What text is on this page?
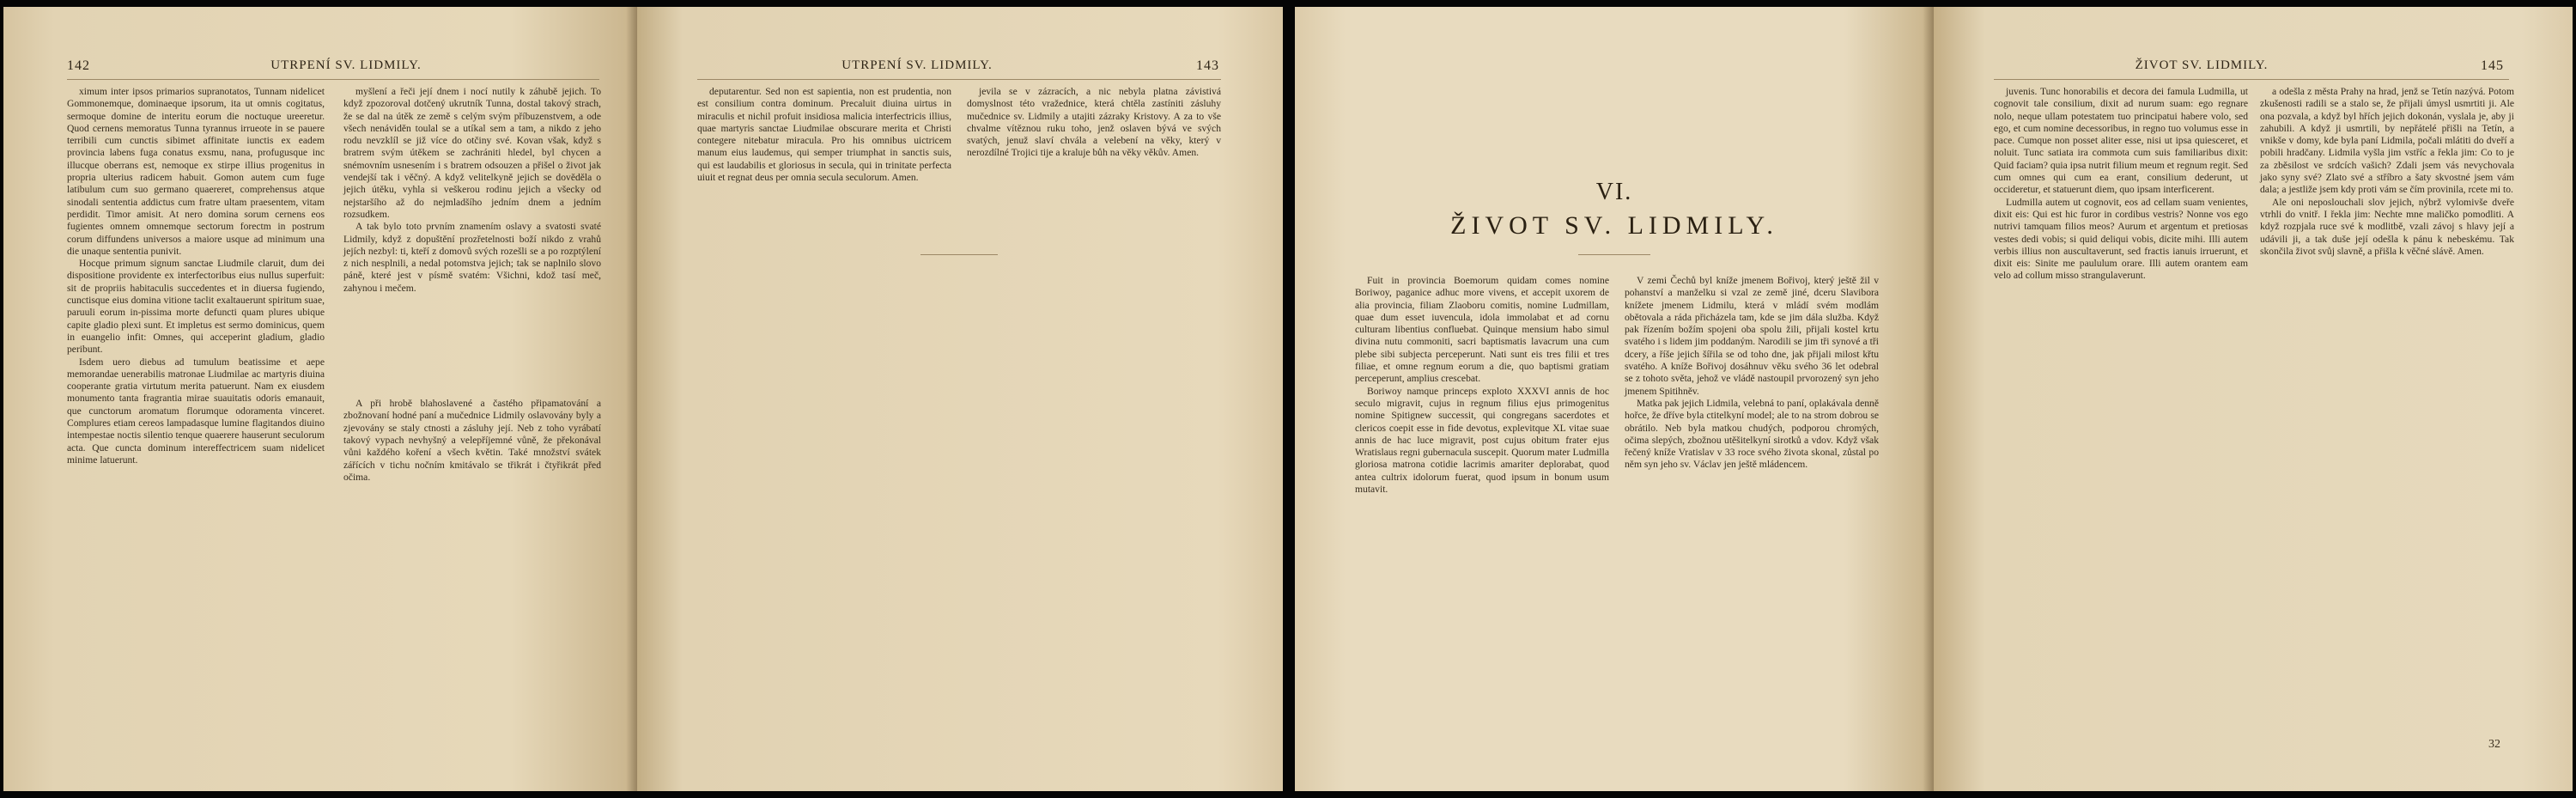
142	UTRPENÍ SV. LIDMILY.

ximum inter ipsos primarios supranotatos, Tunnam nidelicet Gommonemque, dominaeque ipsorum, ita ut omnis cogitatus, sermoque domine de interitu eorum die noctuque ureeretur. Quod cernens memoratus Tunna tyrannus irrueote in se pauere terribili cum cunctis sibimet affinitate iunctis ex eadem provincia labens fuga conatus exsmu, nana, profugusque inc illucque oberrans est, nemoque ex stirpe illius progenitus in propria ulterius radicem habuit. Gomon autem cum fuge latibulum cum suo germano quaereret, comprehensus atque sinodali sententia addictus cum fratre ultam praesentem, vitam perdidit. Timor amisit. At nero domina sorum cernens eos fugientes omnem omnemque sectorum forectm in postrum corum diffundens universos a maiore usque ad minimum una die unaque sententia punivit.

Hocque primum signum sanctae Liudmile claruit, dum dei dispositione providente ex interfectoribus eius nullus superfuit: sit de propriis habitaculis succedentes et in diuersa fugiendo, cunctisque eius domina vitione taclit exaltauerunt spiritum suae, paruuli eorum in-pissima morte defuncti quam plures ubique capite gladio plexi sunt. Et impletus est sermo dominicus, quem in euangelio infit: Omnes, qui acceperint gladium, gladio peribunt.

Isdem uero diebus ad tumulum beatissime et aepe memorandae uenerabilis matronae Liudmilae ac martyris diuina cooperante gratia virtutum merita patuerunt. Nam ex eiusdem monumento tanta fragrantia mirae suauitatis odoris emanauit, que cunctorum aromatum florumque odoramenta vinceret. Complures etiam cereos lampadasque lumine flagitandos diuino intempestae noctis silentio tenque quaerere hauserunt seculorum acta. Que cuncta dominum intereffectricem suam nidelicet minime latuerunt.

myšlení a řeči její dnem i nocí nutily k záhubě jejich. To když zpozoroval dotčený ukrutník Tunna, dostal takový strach, že se dal na útěk ze země s celým svým příbuzenstvem, a ode všech nenáviděn toulal se a utíkal sem a tam, a nikdo z jeho rodu nevzklíl se již více do otčiny své. Kovan však, když s bratrem svým útěkem se zachrániti hledel, byl chycen a snémovním usnesením i s bratrem odsouzen a přišel o život jak vendejší tak i věčný. A když velitelkyně jejich se dověděla o jejich útěku, vyhla si veškerou rodinu jejich a všecky od nejstaršího až do nejmladšího jedním dnem a jedním rozsudkem.

A tak bylo toto prvním znamením oslavy a svatosti svaté Lidmily, když z dopuštění prozřetelnosti boží nikdo z vrahů jejích nezbyl: ti, kteří z domovů svých rozešli se a po rozptýlení z nich nesplnili, a nedal potomstva jejich; tak se naplnilo slovo páně, které jest v písmě svatém: Všichni, kdož tasí meč, zahynou i mečem.

A při hrobě blahoslavené a častého připamatování a zbožnovaní hodné paní a mučednice Lidmily oslavovány byly a zjevovány se staly ctnosti a zásluhy její. Neb z toho vyrábatí takový vypach nevhyšný a velepříjemné vůně, že překonával vůni každého koření a všech květin. Také množství svátek zářících v tichu nočním kmitávalo se třikrát i čtyřikrát před očima.

UTRPENÍ SV. LIDMILY.	143

deputarentur. Sed non est sapientia, non est prudentia, non est consilium contra dominum. Precaluit diuina uirtus in miraculis et nichil profuit insidiosa malicia interfectricis illius, quae martyris sanctae Liudmilae obscurare merita et Christi contegere nitebatur miracula. Pro his omnibus uictricem manum eius laudemus, qui semper triumphat in sanctis suis, qui est laudabilis et gloriosus in secula, qui in trinitate perfecta uiuit et regnat deus per omnia secula seculorum. Amen.

jevila se v zázracích, a nic nebyla platna závistivá domyslnost této vražednice, která chtěla zastíniti zásluhy mučednice sv. Lidmily a utajiti zázraky Kristovy. A za to vše chvalme vítěznou ruku toho, jenž oslaven bývá ve svých svatých, jenuž slaví chvála a velebení na věky, který v nerozdílné Trojici tije a kraluje bůh na věky věkův. Amen.

VI.
ŽIVOT SV. LIDMILY.

Fuit in provincia Boemorum quidam comes nomine Boriwoy, paganice adhuc more vivens, et accepit uxorem de alia provincia, filiam Zlaoboru comitis, nomine Ludmillam, quae dum esset iuvencula, idola immolabat et ad cornu culturam libentius confluebat. Quinque mensium habo simul divina nutu commoniti, sacri baptismatis lavacrum una cum plebe sibi subjecta perceperunt. Nati sunt eis tres filii et tres filiae, et omne regnum eorum a die, quo baptismi gratiam perceperunt, amplius crescebat.

Boriwoy namque princeps exploto XXXVI annis de hoc seculo migravit, cujus in regnum filius ejus primogenitus nomine Spitignew successit, qui congregans sacerdotes et clericos coepit esse in fide devotus, explevitque XL vitae suae annis de hac luce migravit, post cujus obitum frater ejus Wratislaus regni gubernacula suscepit. Quorum mater Ludmilla gloriosa matrona cotidie lacrimis amariter deplorabat, quod antea cultrix idolorum fuerat, quod ipsum in bonum usum mutavit.

V zemi Čechů byl kníže jmenem Bořivoj, který ještě žil v pohanství a manželku si vzal ze země jiné, dceru Slavibora knížete jmenem Lidmilu, která v mládí svém modlám obětovala a ráda přicházela tam, kde se jim dála služba. Když pak řízením božím spojeni oba spolu žili, přijali kostel krtu svatého i s lidem jim poddaným. Narodili se jim tři synové a tři dcery, a říše jejich šířila se od toho dne, jak přijali milost křtu svatého. A kníže Bořivoj dosáhnuv věku svého 36 let odebral se z tohoto světa, jehož ve vládě nastoupil prvorozený syn jeho jmenem Spitihněv.

Matka pak jejich Lidmila, velebná to paní, oplakávala denně hořce, že dříve byla ctitelkyní model; ale to na strom dobrou se obrátilo. Neb byla matkou chudých, podporou chromých, očima slepých, zbožnou utěšitelkyní sirotků a vdov. Když však řečený kníže Vratislav v 33 roce svého života skonal, zůstal po něm syn jeho sv. Václav jen ještě mládencem.

ŽIVOT SV. LIDMILY.	145

juvenis. Tunc honorabilis et decora dei famula Ludmilla, ut cognovit tale consilium, dixit ad nurum suam: ego regnare nolo, neque ullam potestatem tuo principatui habere volo, sed ego, et cum nomine decessoribus, in regno tuo volumus esse in pace. Cumque non posset aliter esse, nisi ut ipsa quiesceret, et noluit. Tunc satiata ira commota cum suis familiaribus dixit: Quid faciam? quia ipsa nutrit filium meum et regnum regit. Sed cum omnes qui cum ea erant, consilium dederunt, ut occideretur, et statuerunt diem, quo ipsam interficerent.

Ludmilla autem ut cognovit, eos ad cellam suam venientes, dixit eis: Qui est hic furor in cordibus vestris? Nonne vos ego nutrivi tamquam filios meos? Aurum et argentum et pretiosas vestes dedi vobis; si quid deliqui vobis, dicite mihi. Illi autem verbis illius non auscultaverunt, sed fractis ianuis irruerunt, et dixit eis: Sinite me paululum orare. Illi autem orantem eam velo ad collum misso strangulaverunt.

a odešla z města Prahy na hrad, jenž se Tetín nazývá. Potom zkušenosti radili se a stalo se, že přijali úmysl usmrtiti ji. Ale ona pozvala, a když byl hřích jejich dokonán, vyslala je, aby ji zahubili. A když ji usmrtili, by nepřátelé přišli na Tetín, a vnikše v domy, kde byla paní Lidmila, počali mlátiti do dveří a pobili hradčany. Lidmila vyšla jim vstříc a řekla jim: Co to je za zběsilost ve srdcích vašich? Zdali jsem vás nevychovala jako syny své? Zlato své a stříbro a šaty skvostné jsem vám dala; a jestliže jsem kdy proti vám se čím provinila, rcete mi to.

Ale oni neposlouchali slov jejich, nýbrž vylomivše dveře vtrhli do vnitř. I řekla jim: Nechte mne maličko pomodliti. A když rozpjala ruce své k modlitbě, vzali závoj s hlavy její a udávili ji, a tak duše její odešla k pánu k nebeskému. Tak skončila život svůj slavně, a přišla k věčné slávě. Amen.

32
